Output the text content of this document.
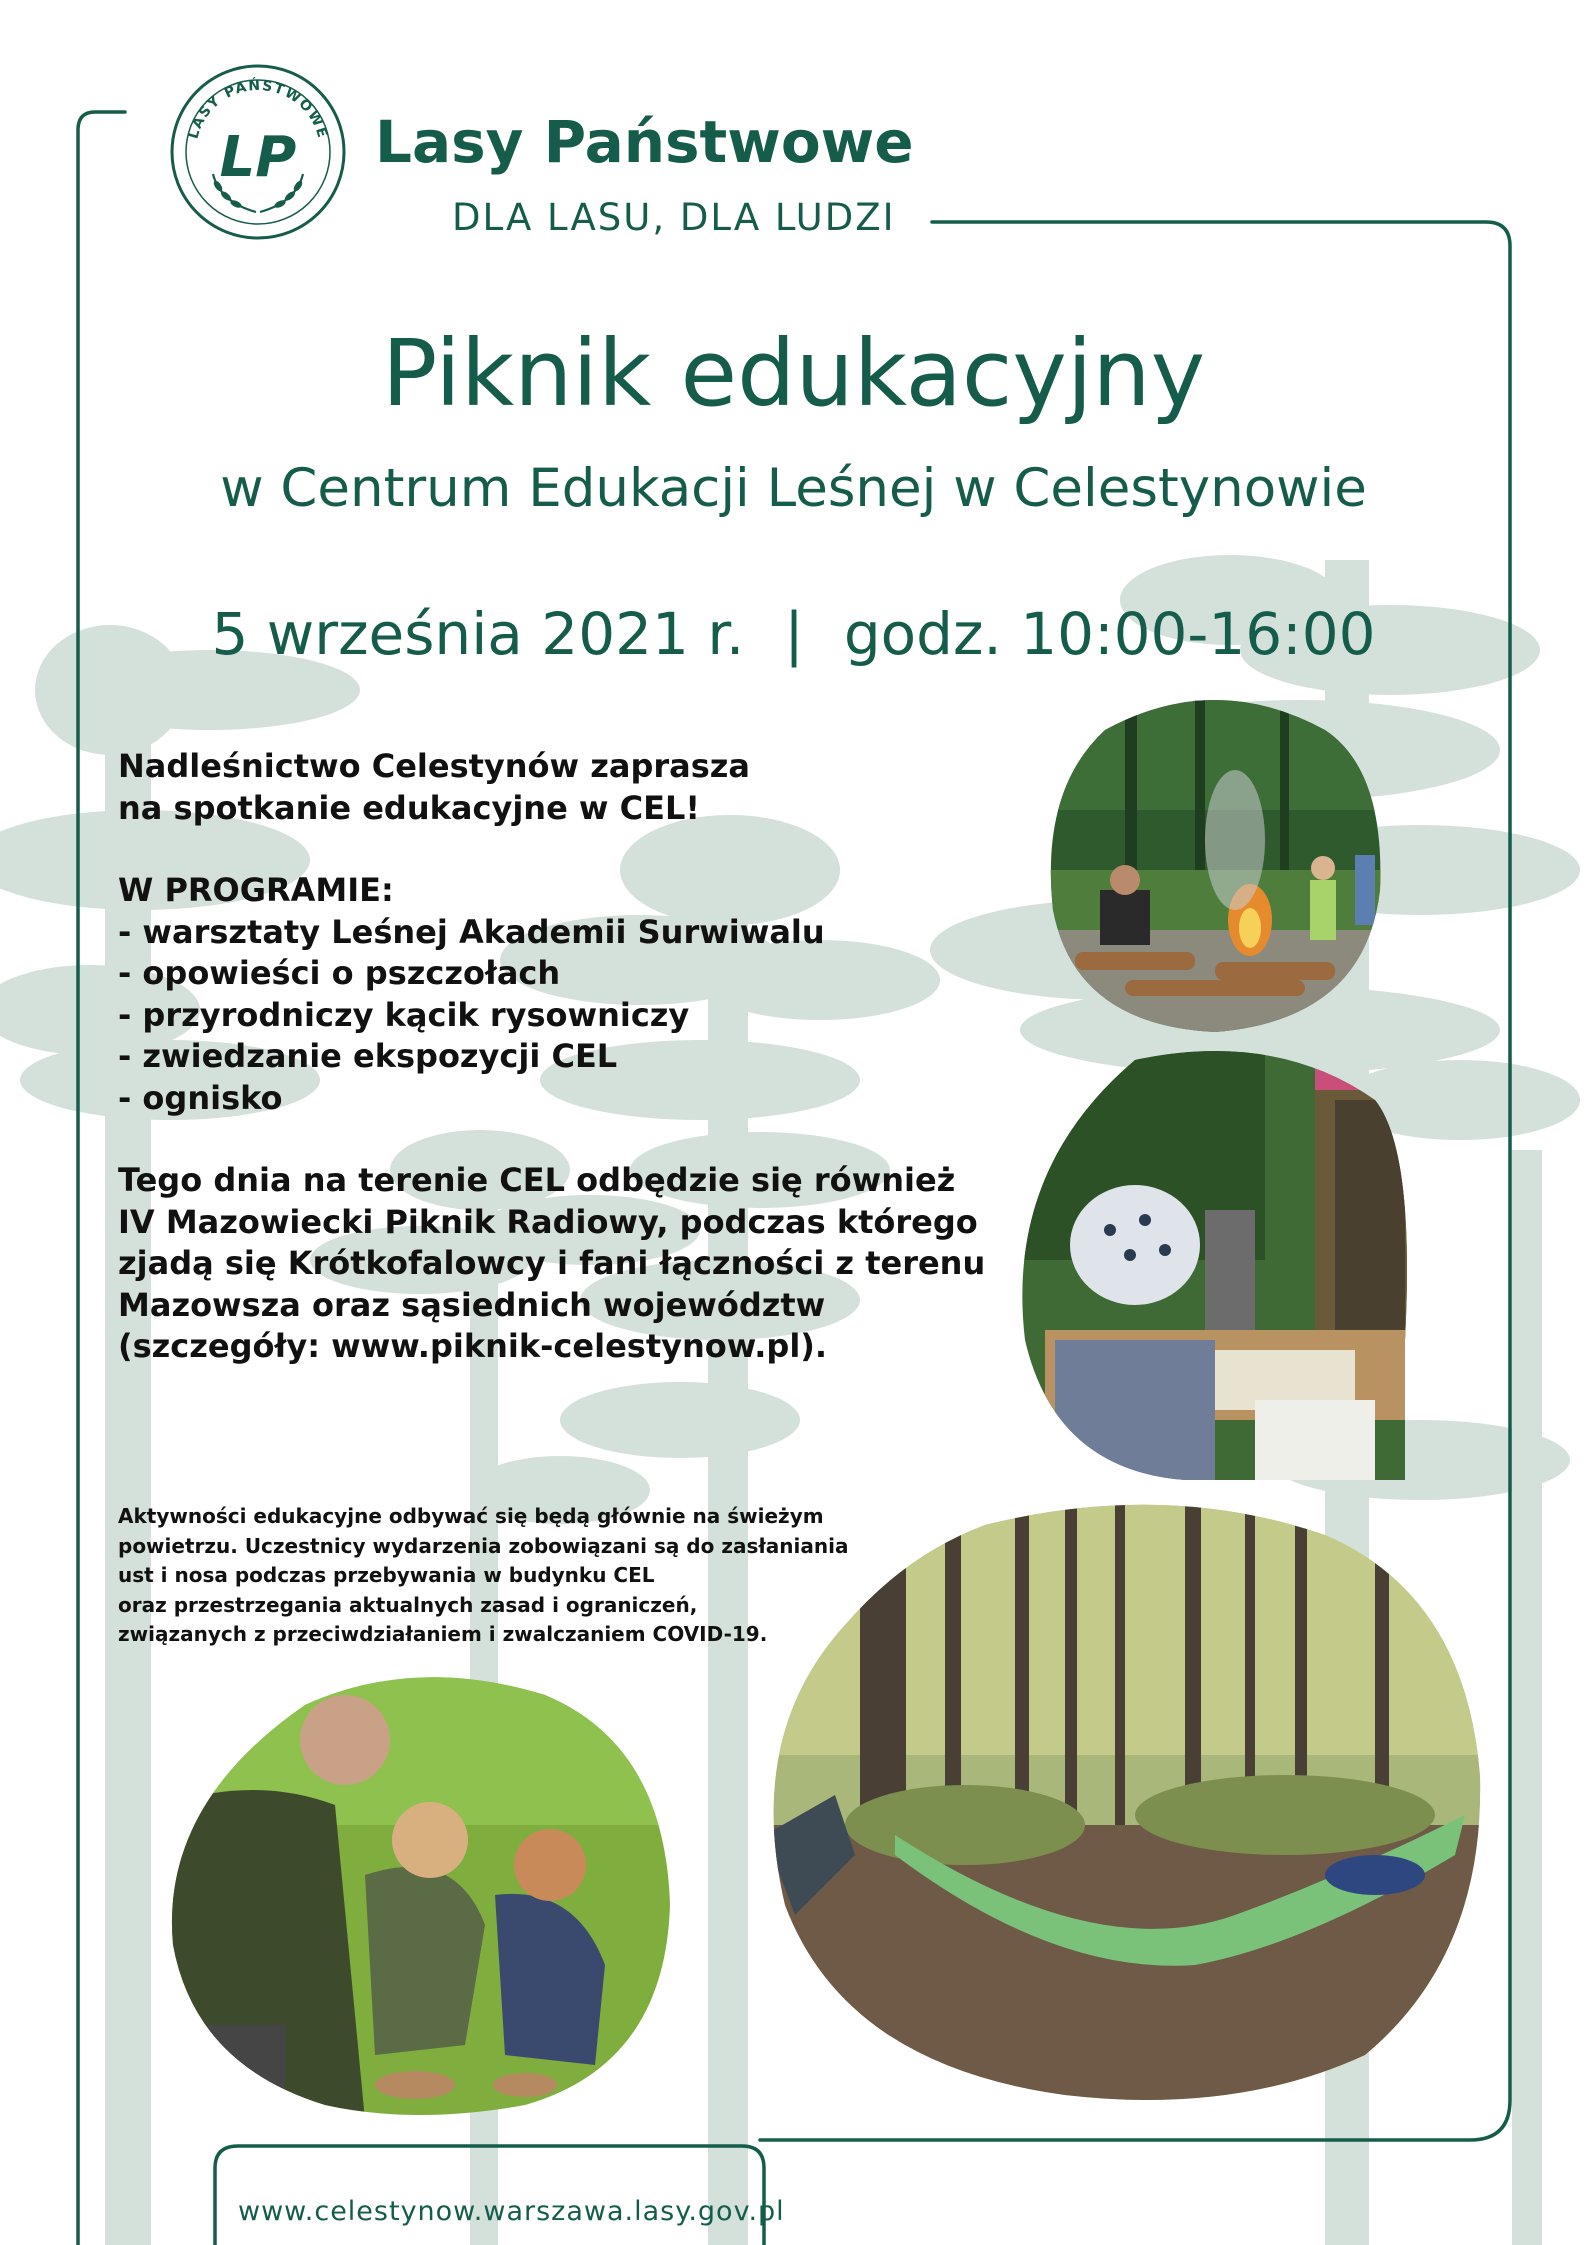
LASY PAŃSTWOWE
LP Lasy Państwowe
DLA LASU, DLA LUDZI
Piknik edukacyjny
w Centrum Edukacji Leśnej w Celestynowie
5 września 2021 r. | godz. 10:00-16:00

Nadleśnictwo Celestynów zaprasza

na spotkanie edukacyjne w CEL!

W PROGRAMIE:

- warsztaty Leśnej Akademii Surwiwalu
- opowieści o pszczołach
- przyrodniczy kącik rysowniczy
- zwiedzanie ekspozycji CEL
- ognisko

Tego dnia na terenie CEL odbędzie się również

IV Mazowiecki Piknik Radiowy, podczas którego

zjadą się Krótkofalowcy i fani łączności z terenu

Mazowsza oraz sąsiednich województw

(szczegóły: www.piknik-celestynow.pl).

Aktywności edukacyjne odbywać się będą głównie na świeżym

powietrzu. Uczestnicy wydarzenia zobowiązani są do zasłaniania

ust i nosa podczas przebywania w budynku CEL

oraz przestrzegania aktualnych zasad i ograniczeń,

związanych z przeciwdziałaniem i zwalczaniem COVID-19.

www.celestynow.warszawa.lasy.gov.pl
